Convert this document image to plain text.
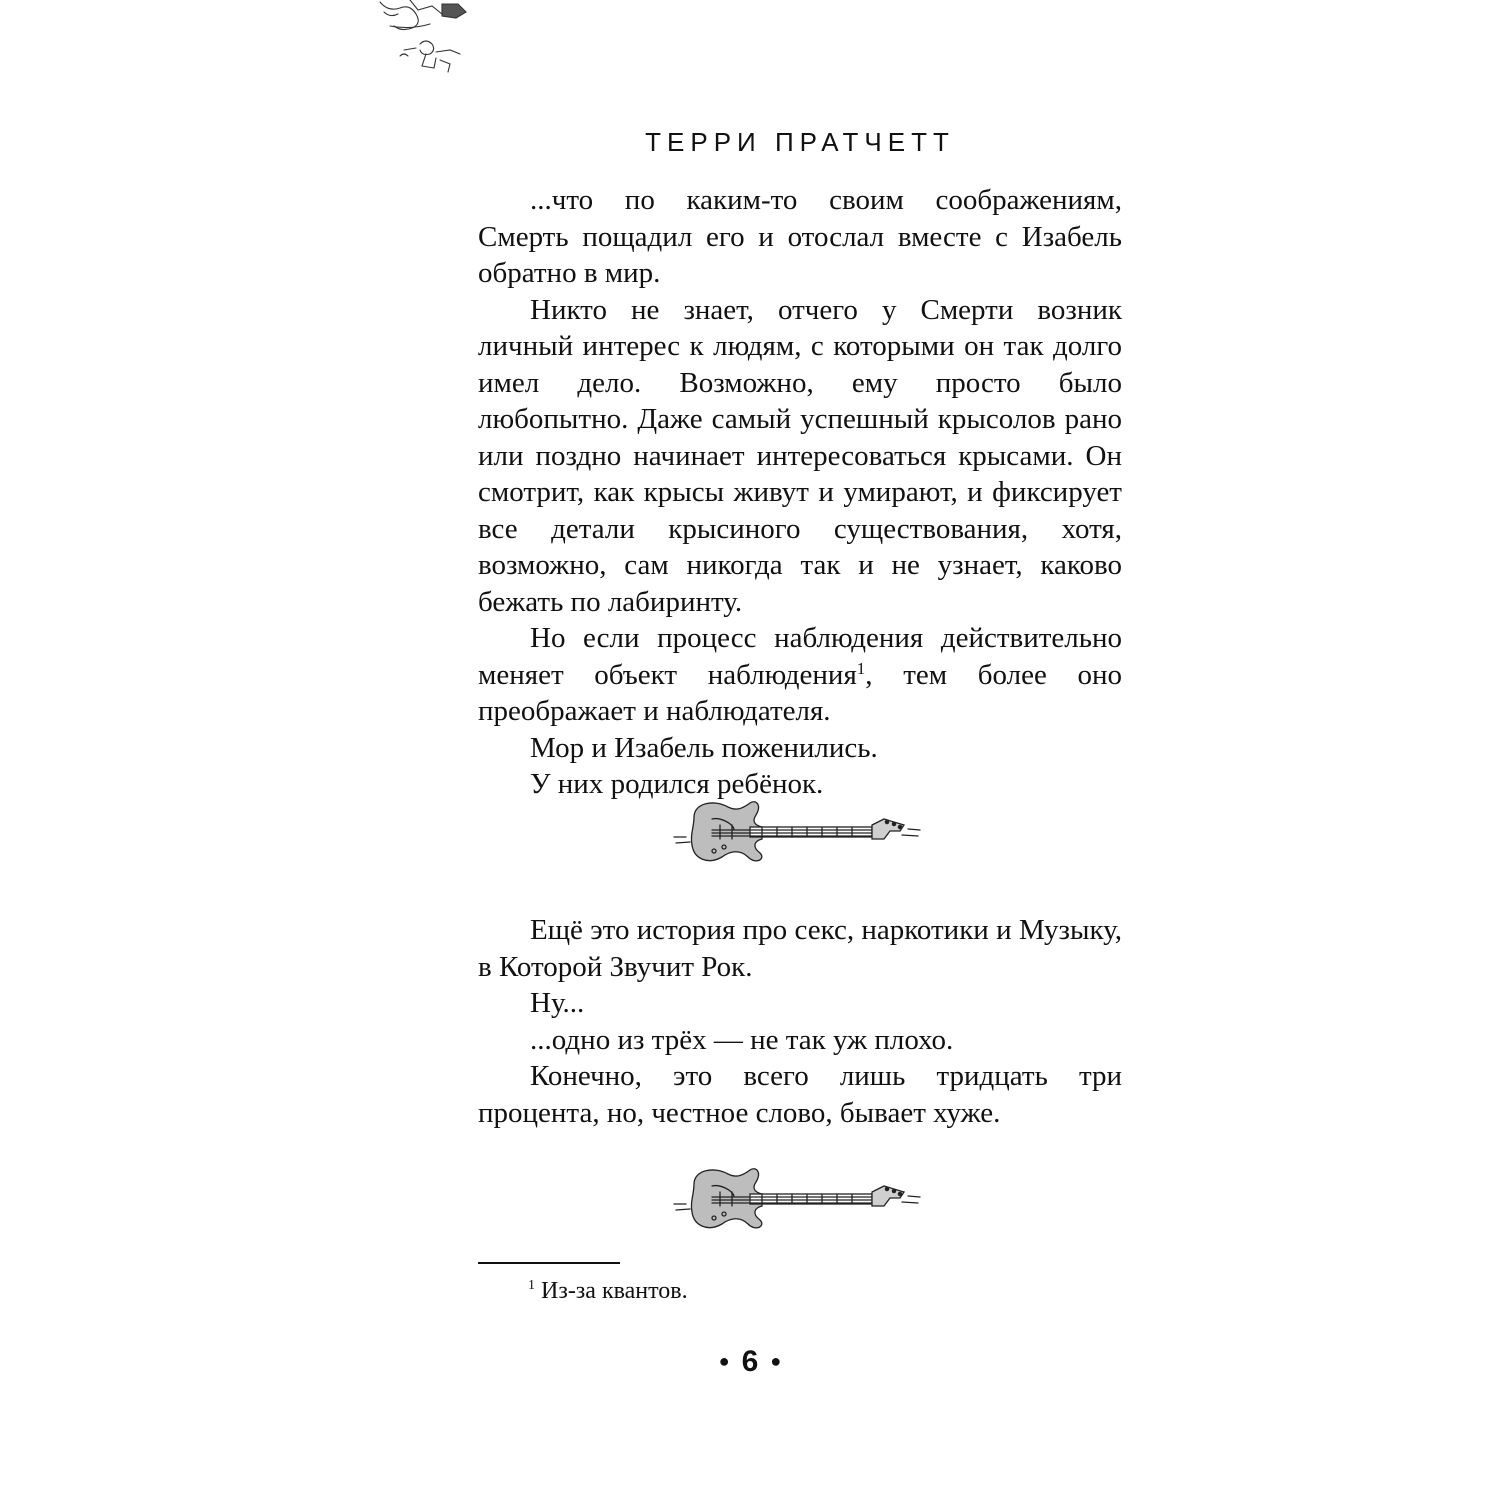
ТЕРРИ ПРАТЧЕТТ

...что по каким-то своим соображениям, Смерть пощадил его и отослал вместе с Изабель обратно в мир.

Никто не знает, отчего у Смерти возник личный интерес к людям, с которыми он так долго имел дело. Возможно, ему просто было любопытно. Даже самый успешный крысолов рано или поздно начинает интересоваться крысами. Он смотрит, как крысы живут и умирают, и фиксирует все детали крысиного существования, хотя, возможно, сам никогда так и не узнает, каково бежать по лабиринту.

Но если процесс наблюдения действительно меняет объект наблюдения$^1$, тем более оно преображает и наблюдателя.

Мор и Изабель поженились.

У них родился ребёнок.

Ещё это история про секс, наркотики и Музыку, в Которой Звучит Рок.

Ну...

...одно из трёх — не так уж плохо.

Конечно, это всего лишь тридцать три процента, но, честное слово, бывает хуже.

$^1$ Из-за квантов.
● 6 ●
